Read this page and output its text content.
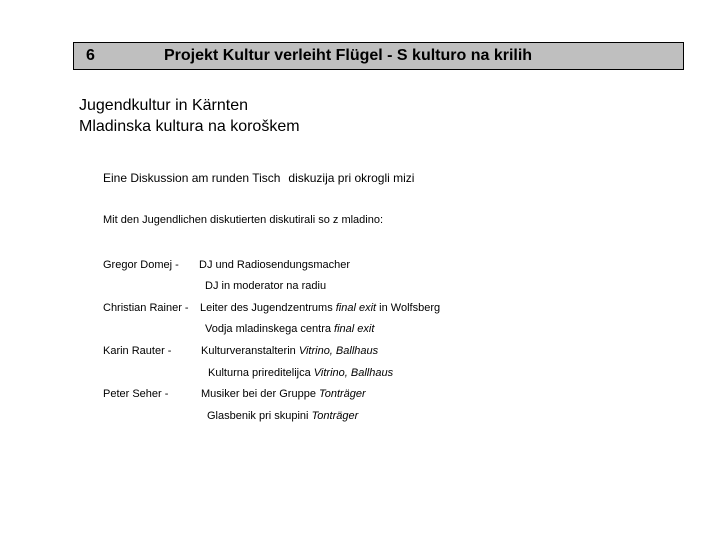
6	Projekt Kultur verleiht Flügel - S kulturo na krilih
Jugendkultur in Kärnten
Mladinska kultura na koroškem
Eine Diskussion am runden Tisch diskuzija pri okrogli mizi
Mit den Jugendlichen diskutierten diskutirali so z mladino:
Gregor Domej - DJ und Radiosendungsmacher
DJ in moderator na radiu
Christian Rainer - Leiter des Jugendzentrums final exit in Wolfsberg
Vodja mladinskega centra final exit
Karin Rauter -	Kulturveranstalterin Vitrino, Ballhaus
Kulturna prireditelijca Vitrino, Ballhaus
Peter Seher -	Musiker bei der Gruppe Tonträger
Glasbenik pri skupini Tonträger
